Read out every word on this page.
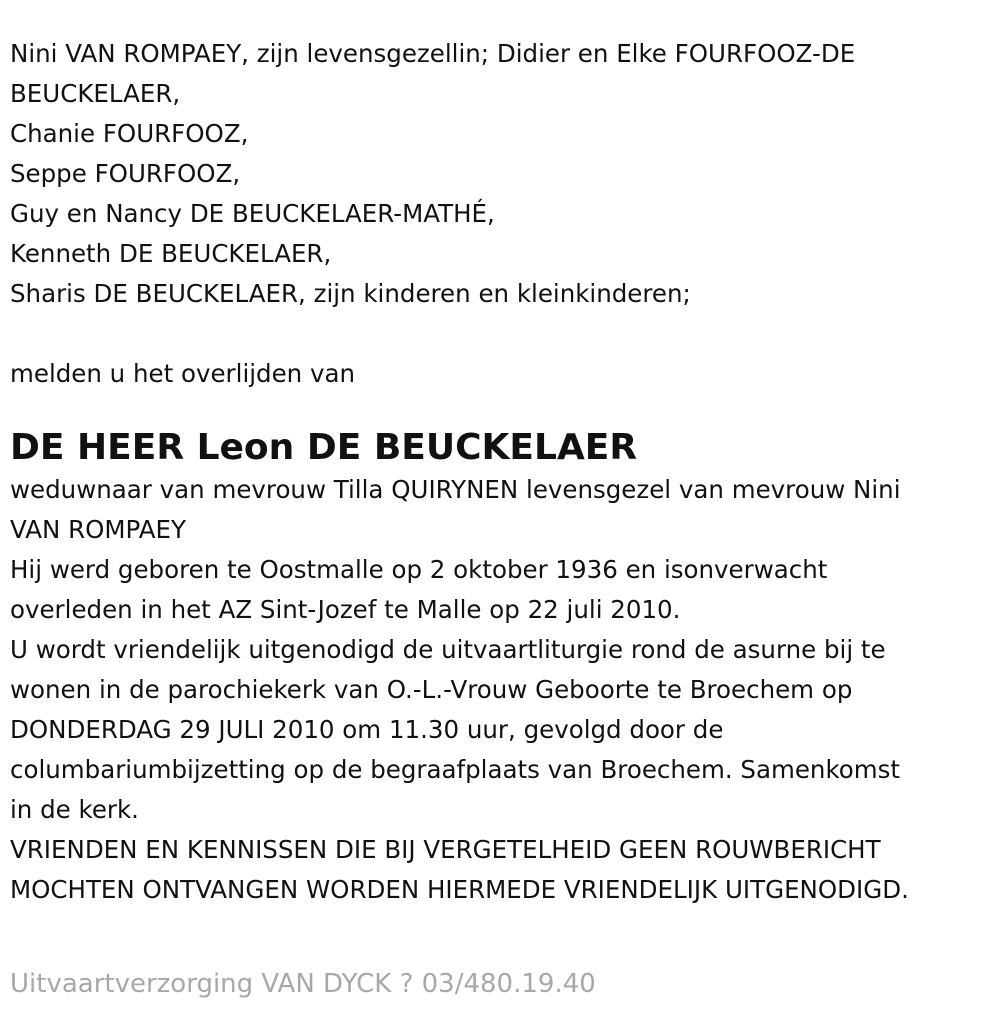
Nini VAN ROMPAEY, zijn levensgezellin; Didier en Elke FOURFOOZ-DE

BEUCKELAER,

Chanie FOURFOOZ,

Seppe FOURFOOZ,

Guy en Nancy DE BEUCKELAER-MATHÉ,

Kenneth DE BEUCKELAER,

Sharis DE BEUCKELAER, zijn kinderen en kleinkinderen;

melden u het overlijden van

DE HEER Leon DE BEUCKELAER

weduwnaar van mevrouw Tilla QUIRYNEN levensgezel van mevrouw Nini

VAN ROMPAEY

Hij werd geboren te Oostmalle op 2 oktober 1936 en isonverwacht

overleden in het AZ Sint-Jozef te Malle op 22 juli 2010.

U wordt vriendelijk uitgenodigd de uitvaartliturgie rond de asurne bij te

wonen in de parochiekerk van O.-L.-Vrouw Geboorte te Broechem op

DONDERDAG 29 JULI 2010 om 11.30 uur, gevolgd door de

columbariumbijzetting op de begraafplaats van Broechem. Samenkomst

in de kerk.

VRIENDEN EN KENNISSEN DIE BIJ VERGETELHEID GEEN ROUWBERICHT

MOCHTEN ONTVANGEN WORDEN HIERMEDE VRIENDELIJK UITGENODIGD.

Uitvaartverzorging VAN DYCK ? 03/480.19.40
